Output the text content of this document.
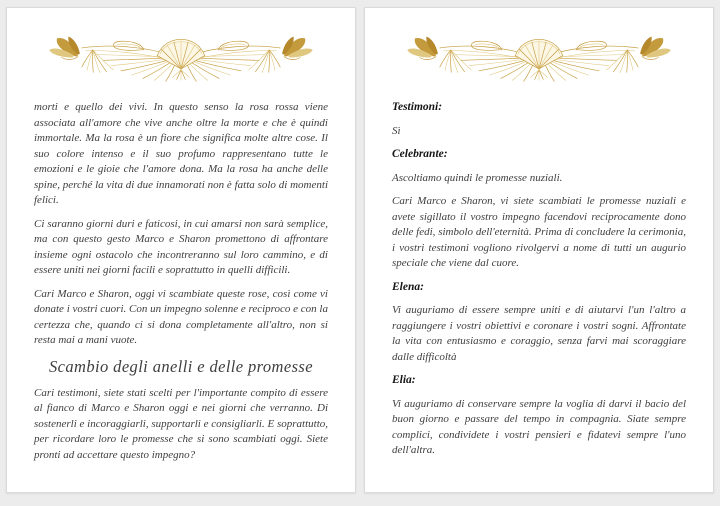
morti e quello dei vivi. In questo senso la rosa rossa viene associata all'amore che vive anche oltre la morte e che è quindi immortale. Ma la rosa è un fiore che significa molte altre cose. Il suo colore intenso e il suo profumo rappresentano tutte le emozioni e le gioie che l'amore dona. Ma la rosa ha anche delle spine, perché la vita di due innamorati non è fatta solo di momenti felici.

Ci saranno giorni duri e faticosi, in cui amarsi non sarà semplice, ma con questo gesto Marco e Sharon promettono di affrontare insieme ogni ostacolo che incontreranno sul loro cammino, e di essere uniti nei giorni facili e soprattutto in quelli difficili.

Cari Marco e Sharon, oggi vi scambiate queste rose, così come vi donate i vostri cuori. Con un impegno solenne e reciproco e con la certezza che, quando ci si dona completamente all'altro, non si resta mai a mani vuote.

Scambio degli anelli e delle promesse

Cari testimoni, siete stati scelti per l'importante compito di essere al fianco di Marco e Sharon oggi e nei giorni che verranno. Di sostenerli e incoraggiarli, supportarli e consigliarli. E soprattutto, per ricordare loro le promesse che si sono scambiati oggi. Siete pronti ad accettare questo impegno?

Testimoni:

Sì

Celebrante:

Ascoltiamo quindi le promesse nuziali.

Cari Marco e Sharon, vi siete scambiati le promesse nuziali e avete sigillato il vostro impegno facendovi reciprocamente dono delle fedi, simbolo dell'eternità. Prima di concludere la cerimonia, i vostri testimoni vogliono rivolgervi a nome di tutti un augurio speciale che viene dal cuore.

Elena:

Vi auguriamo di essere sempre uniti e di aiutarvi l'un l'altro a raggiungere i vostri obiettivi e coronare i vostri sogni. Affrontate la vita con entusiasmo e coraggio, senza farvi mai scoraggiare dalle difficoltà

Elia:

Vi auguriamo di conservare sempre la voglia di darvi il bacio del buon giorno e passare del tempo in compagnia. Siate sempre complici, condividete i vostri pensieri e fidatevi sempre l'uno dell'altra.
